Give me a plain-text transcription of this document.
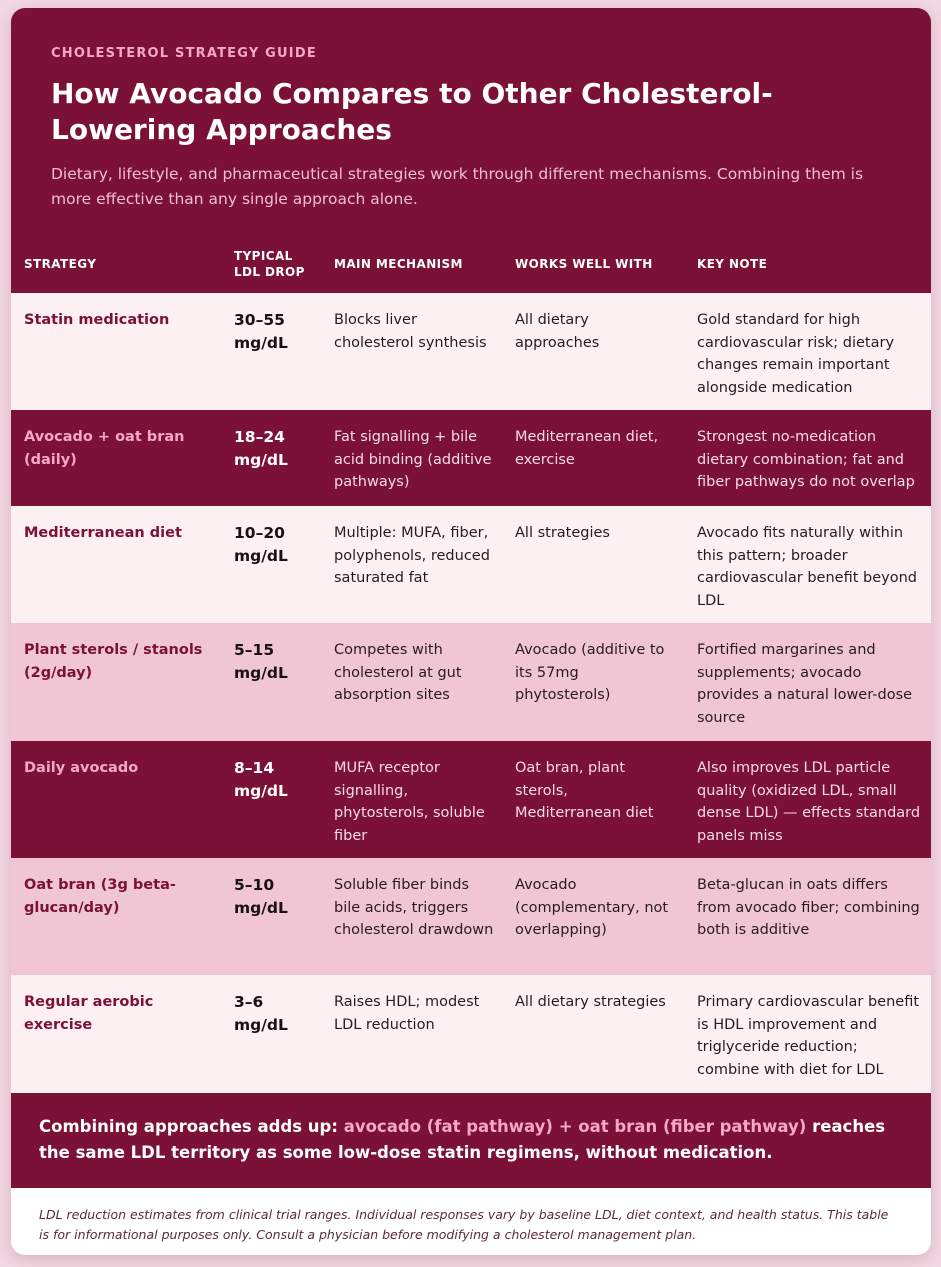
CHOLESTEROL STRATEGY GUIDE
How Avocado Compares to Other Cholesterol-Lowering Approaches

Dietary, lifestyle, and pharmaceutical strategies work through different mechanisms. Combining them is more effective than any single approach alone.

STRATEGY	TYPICAL LDL DROP	MAIN MECHANISM	WORKS WELL WITH	KEY NOTE
Statin medication	30–55 mg/dL	Blocks liver cholesterol synthesis	All dietary approaches	Gold standard for high cardiovascular risk; dietary changes remain important alongside medication
Avocado + oat bran (daily)	18–24 mg/dL	Fat signalling + bile acid binding (additive pathways)	Mediterranean diet, exercise	Strongest no-medication dietary combination; fat and fiber pathways do not overlap
Mediterranean diet	10–20 mg/dL	Multiple: MUFA, fiber, polyphenols, reduced saturated fat	All strategies	Avocado fits naturally within this pattern; broader cardiovascular benefit beyond LDL
Plant sterols / stanols (2g/day)	5–15 mg/dL	Competes with cholesterol at gut absorption sites	Avocado (additive to its 57mg phytosterols)	Fortified margarines and supplements; avocado provides a natural lower-dose source
Daily avocado	8–14 mg/dL	MUFA receptor signalling, phytosterols, soluble fiber	Oat bran, plant sterols, Mediterranean diet	Also improves LDL particle quality (oxidized LDL, small dense LDL) — effects standard panels miss
Oat bran (3g beta-glucan/day)	5–10 mg/dL	Soluble fiber binds bile acids, triggers cholesterol drawdown	Avocado (complementary, not overlapping)	Beta-glucan in oats differs from avocado fiber; combining both is additive
Regular aerobic exercise	3–6 mg/dL	Raises HDL; modest LDL reduction	All dietary strategies	Primary cardiovascular benefit is HDL improvement and triglyceride reduction; combine with diet for LDL
Combining approaches adds up: avocado (fat pathway) + oat bran (fiber pathway) reaches the same LDL territory as some low-dose statin regimens, without medication.

LDL reduction estimates from clinical trial ranges. Individual responses vary by baseline LDL, diet context, and health status. This table is for informational purposes only. Consult a physician before modifying a cholesterol management plan.
